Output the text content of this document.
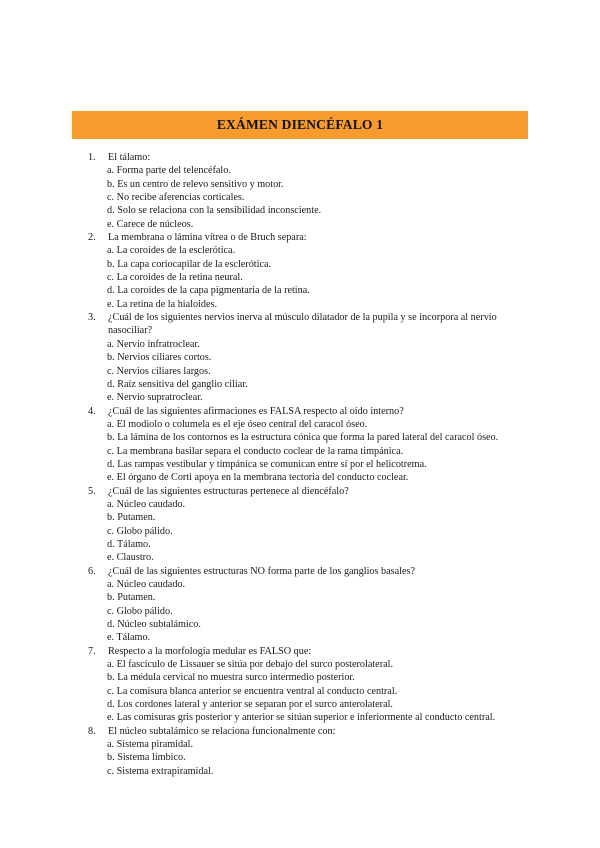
EXÁMEN DIENCÉFALO 1
1.	El tálamo:
a. Forma parte del telencéfalo.
b. Es un centro de relevo sensitivo y motor.
c. No recibe aferencias corticales.
d. Solo se relaciona con la sensibilidad inconsciente.
e. Carece de núcleos.
2.	La membrana o lámina vítrea o de Bruch separa:
a. La coroides de la esclerótica.
b. La capa coriocapilar de la esclerótica.
c. La coroides de la retina neural.
d. La coroides de la capa pigmentaria de la retina.
e. La retina de la hialoides.
3.	¿Cuál de los siguientes nervios inerva al músculo dilatador de la pupila y se incorpora al nervio nasociliar?
a. Nervio infratroclear.
b. Nervios ciliares cortos.
c. Nervios ciliares largos.
d. Raíz sensitiva del ganglio ciliar.
e. Nervio supratroclear.
4.	¿Cuál de las siguientes afirmaciones es FALSA respecto al oído interno?
a. El modiolo o columela es el eje óseo central del caracol óseo.
b. La lámina de los contornos es la estructura cónica que forma la pared lateral del caracol óseo.
c. La membrana basilar separa el conducto coclear de la rama timpánica.
d. Las rampas vestibular y timpánica se comunican entre sí por el helicotrema.
e. El órgano de Corti apoya en la membrana tectoria del conducto coclear.
5.	¿Cuál de las siguientes estructuras pertenece al diencéfalo?
a. Núcleo caudado.
b. Putamen.
c. Globo pálido.
d. Tálamo.
e. Claustro.
6.	¿Cuál de las siguientes estructuras NO forma parte de los ganglios basales?
a. Núcleo caudado.
b. Putamen.
c. Globo pálido.
d. Núcleo subtalámico.
e. Tálamo.
7.	Respecto a la morfología medular es FALSO que:
a. El fascículo de Lissauer se sitúa por debajo del surco posterolateral.
b. La médula cervical no muestra surco intermedio posterior.
c. La comisura blanca anterior se encuentra ventral al conducto central.
d. Los cordones lateral y anterior se separan por el surco anterolateral.
e. Las comisuras gris posterior y anterior se sitúan superior e inferiormente al conducto central.
8.	El núcleo subtalámico se relaciona funcionalmente con:
a. Sistema piramidal.
b. Sistema límbico.
c. Sistema extrapiramidal.
